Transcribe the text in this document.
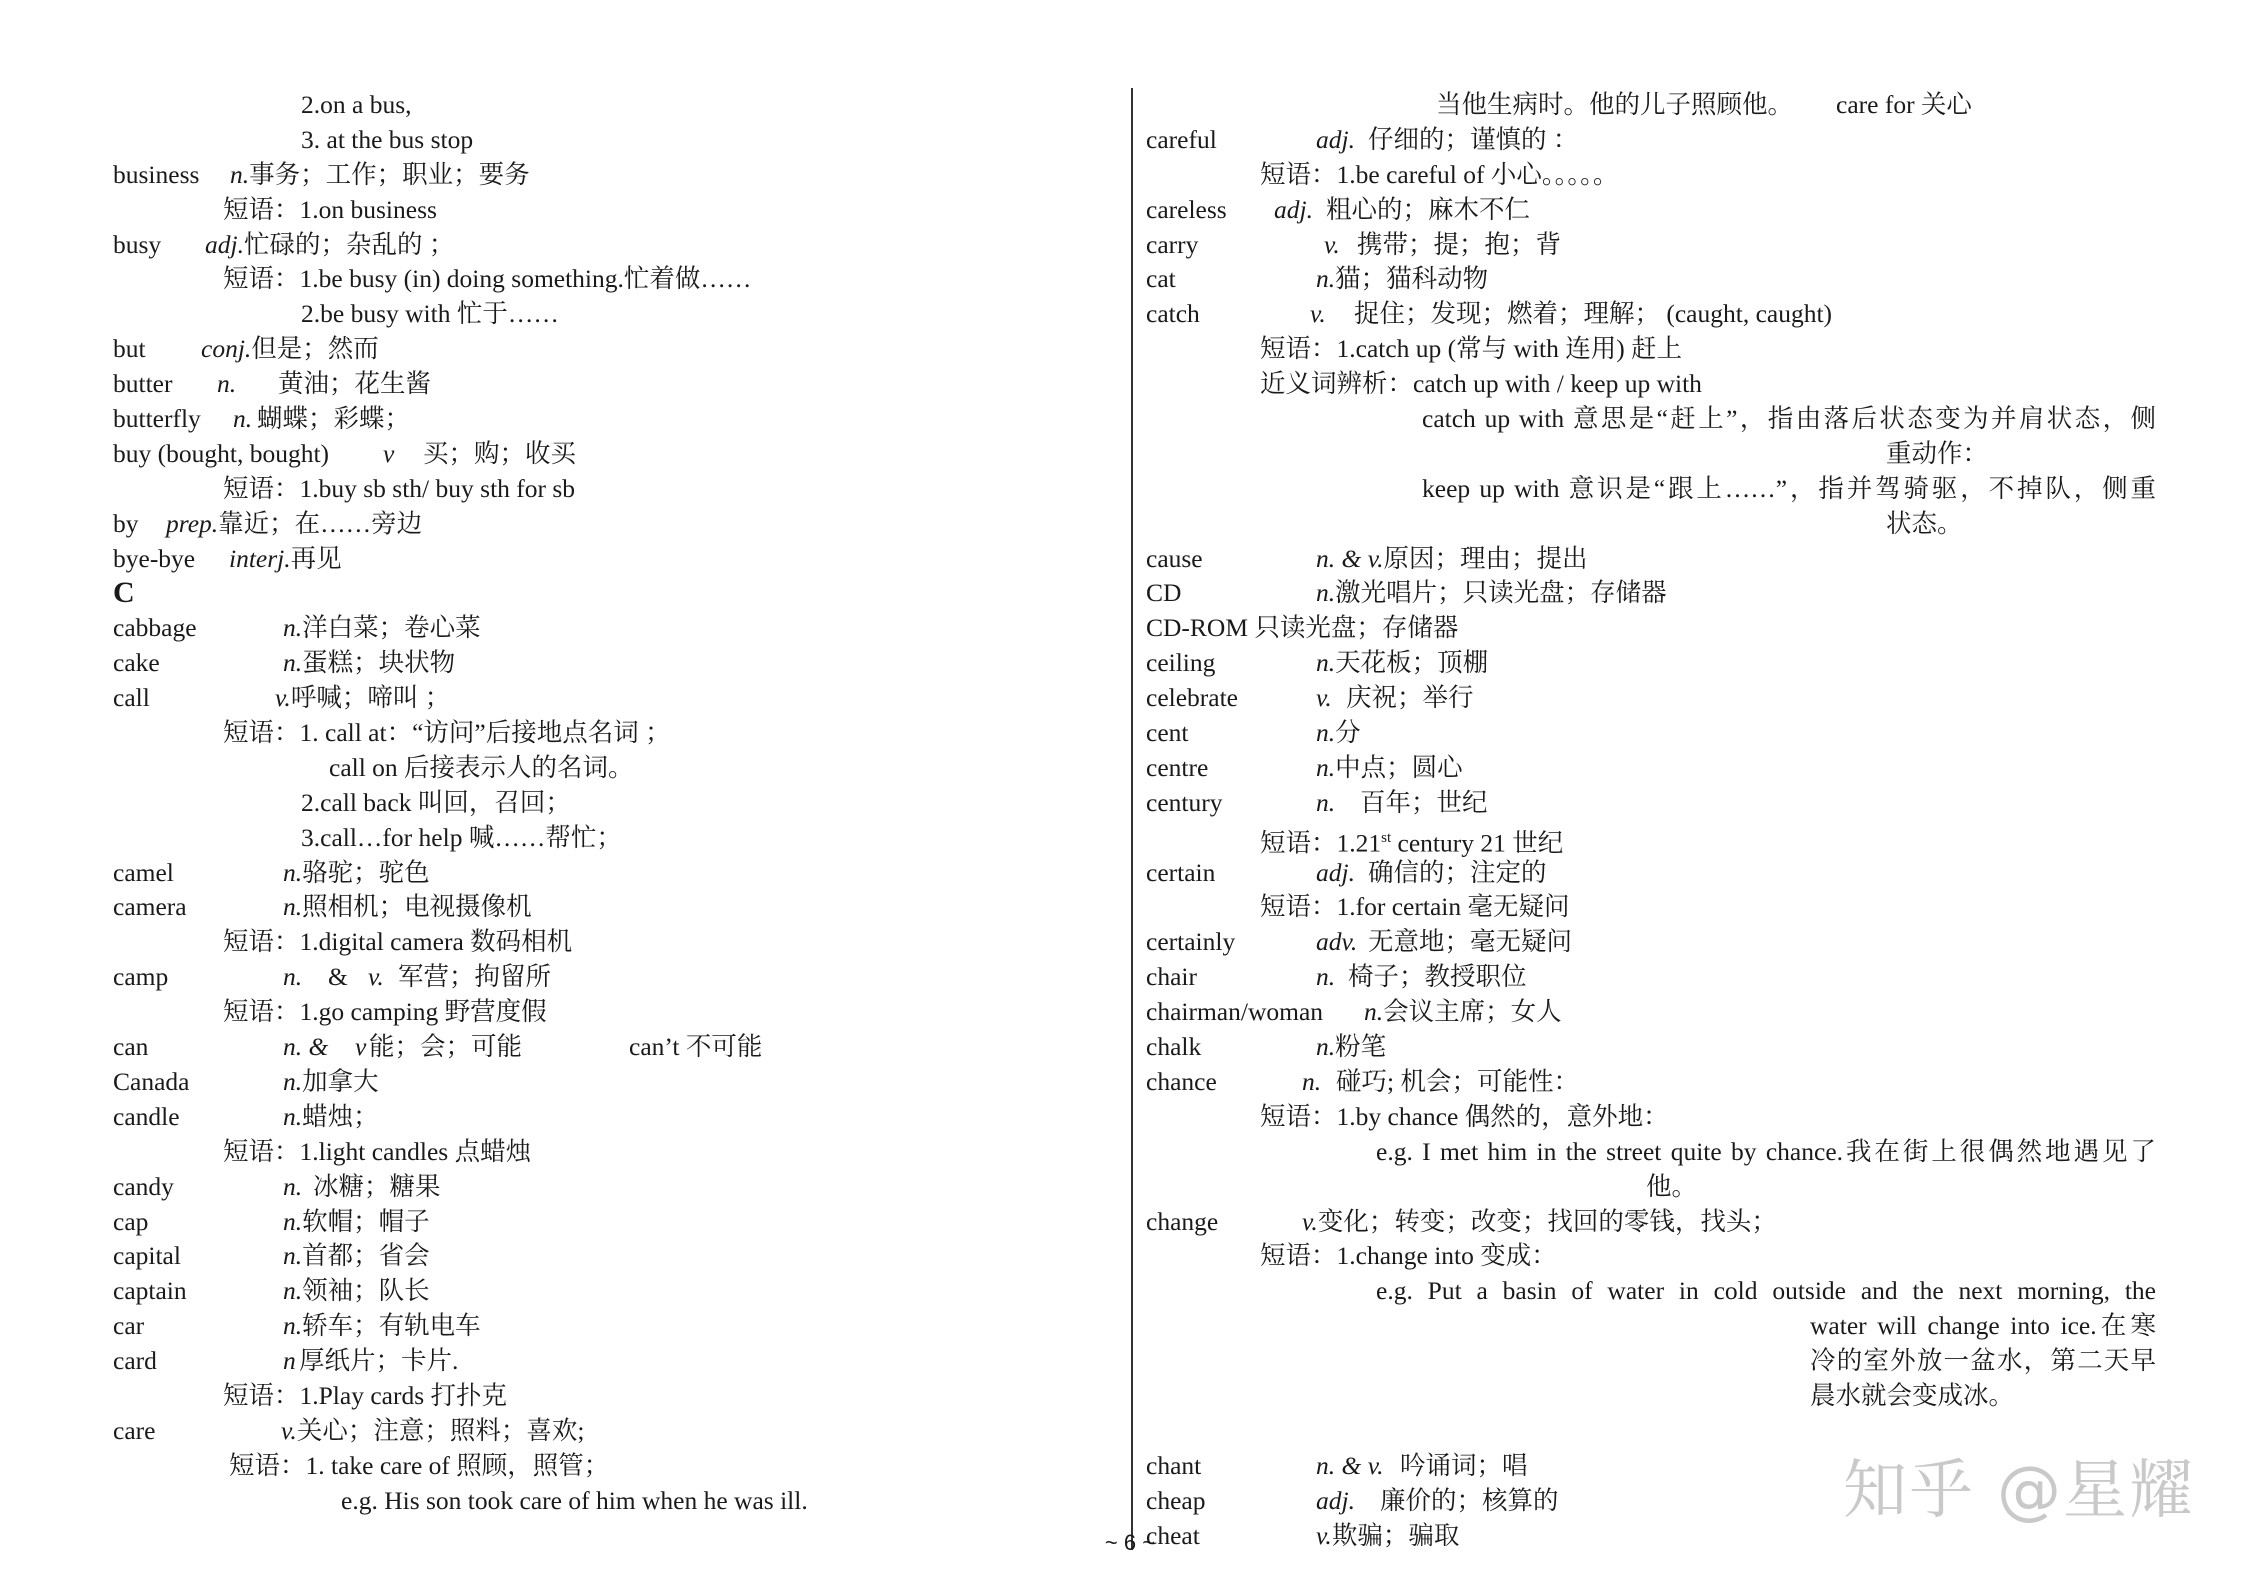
2.on a bus,
3. at the bus stop
business n.事务；工作；职业；要务
短语：1.on business
busy adj.忙碌的；杂乱的 ；
短语：1.be busy (in) doing something.忙着做……
2.be busy with 忙于……
but conj.但是；然而
butter n. 黄油；花生酱
butterfly n. 蝴蝶；彩蝶；
buy (bought, bought) v 买；购；收买
短语：1.buy sb sth/ buy sth for sb
by prep.靠近；在……旁边
bye-bye interj.再见
C
cabbage	n.洋白菜；卷心菜
cake	n.蛋糕；块状物
call	v.呼喊；啼叫 ；
短语：1. call at：“访问”后接地点名词 ；
call on 后接表示人的名词。
2.call back 叫回，召回；
3.call…for help 喊……帮忙；
camel	n.骆驼；驼色
camera	n.照相机；电视摄像机
短语：1.digital camera 数码相机
camp	n. & v. 军营；拘留所
短语：1.go camping 野营度假
can	n. &v 能；会；可能	can’t 不可能
Canada	n.加拿大
candle	n.蜡烛；
短语：1.light candles 点蜡烛
candy	n. 冰糖；糖果
cap	n.软帽；帽子
capital	n.首都；省会
captain	n.领袖；队长
car	n.轿车；有轨电车
card	n 厚纸片；卡片.
短语：1.Play cards 打扑克
care	v.关心；注意；照料；喜欢;
短语：1. take care of 照顾，照管；
e.g. His son took care of him when he was ill.
当他生病时。他的儿子照顾他。 care for 关心
careful	adj. 仔细的；谨慎的 ：
短语：1.be careful of 小心。。。。。
careless adj. 粗心的；麻木不仁
carry	v. 携带；提；抱；背
cat	n.猫；猫科动物
catch	v. 捉住；发现；燃着；理解； (caught, caught)
短语：1.catch up (常与 with 连用) 赶上
近义词辨析：catch up with / keep up with
catch up with 意思是“赶上”，指由落后状态变为并肩状态，侧
重动作：
keep up with 意识是“跟上……”，指并驾骑驱，不掉队，侧重
状态。
cause	n. & v.原因；理由；提出
CD	n.激光唱片；只读光盘；存储器
CD-ROM 只读光盘；存储器
ceiling	n.天花板；顶棚
celebrate	v. 庆祝；举行
cent	n.分
centre	n.中点；圆心
century	n. 百年；世纪
短语：1.21st century 21 世纪
certain	adj. 确信的；注定的
短语：1.for certain 毫无疑问
certainly	adv. 无意地；毫无疑问
chair	n. 椅子；教授职位
chairman/woman n.会议主席；女人
chalk	n.粉笔
chance	n. 碰巧; 机会；可能性：
短语：1.by chance 偶然的，意外地：
e.g. I met him in the street quite by chance.我在街上很偶然地遇见了
他。
change	v.变化；转变；改变；找回的零钱，找头；
短语：1.change into 变成：
e.g. Put a basin of water in cold outside and the next morning, the
water will change into ice.在寒
冷的室外放一盆水，第二天早
晨水就会变成冰。
chant	n. & v. 吟诵词；唱
cheap	adj. 廉价的；核算的
cheat	v.欺骗；骗取
~ 6 ~
知乎 @星耀
